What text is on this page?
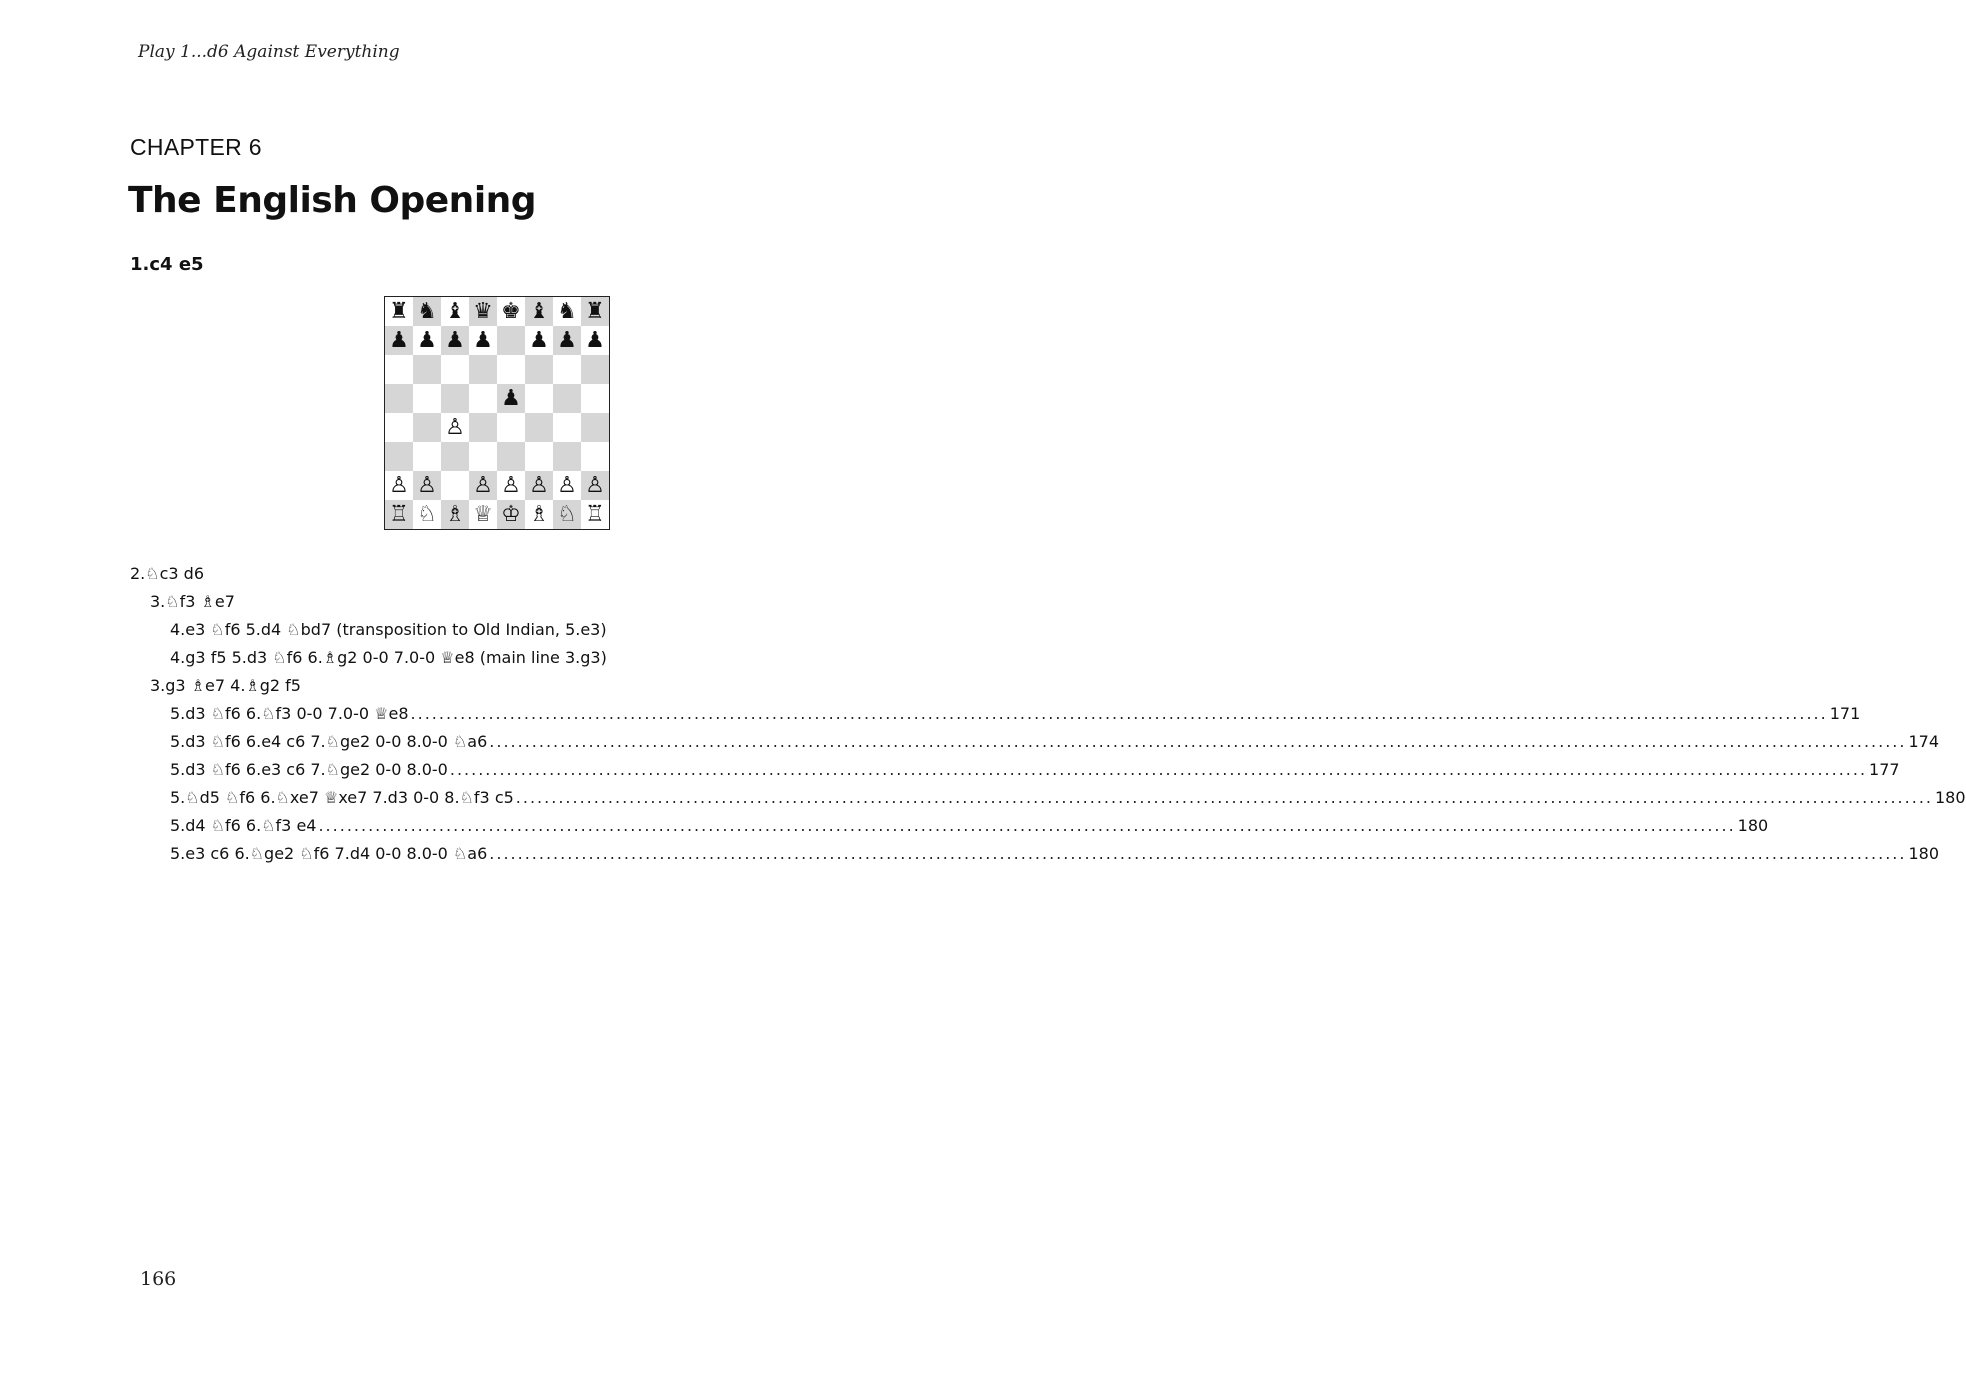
Play 1...d6 Against Everything
CHAPTER 6
The English Opening
1.c4 e5
♜ ♞ ♝ ♛ ♚ ♝ ♞ ♜
♟ ♟ ♟ ♟ ♟ ♟ ♟
♟
♙
♙ ♙ ♙ ♙ ♙ ♙ ♙
♖ ♘ ♗ ♕ ♔ ♗ ♘ ♖
2.♘c3 d6
3.♘f3 ♗e7
4.e3 ♘f6 5.d4 ♘bd7 (transposition to Old Indian, 5.e3)
4.g3 f5 5.d3 ♘f6 6.♗g2 0-0 7.0-0 ♕e8 (main line 3.g3)
3.g3 ♗e7 4.♗g2 f5
5.d3 ♘f6 6.♘f3 0-0 7.0-0 ♕e8 ........................................................................................................................................................................................................ 171
5.d3 ♘f6 6.e4 c6 7.♘ge2 0-0 8.0-0 ♘a6 ........................................................................................................................................................................................................ 174
5.d3 ♘f6 6.e3 c6 7.♘ge2 0-0 8.0-0 ........................................................................................................................................................................................................ 177
5.♘d5 ♘f6 6.♘xe7 ♕xe7 7.d3 0-0 8.♘f3 c5 ........................................................................................................................................................................................................ 180
5.d4 ♘f6 6.♘f3 e4 ........................................................................................................................................................................................................ 180
5.e3 c6 6.♘ge2 ♘f6 7.d4 0-0 8.0-0 ♘a6 ........................................................................................................................................................................................................ 180
166
